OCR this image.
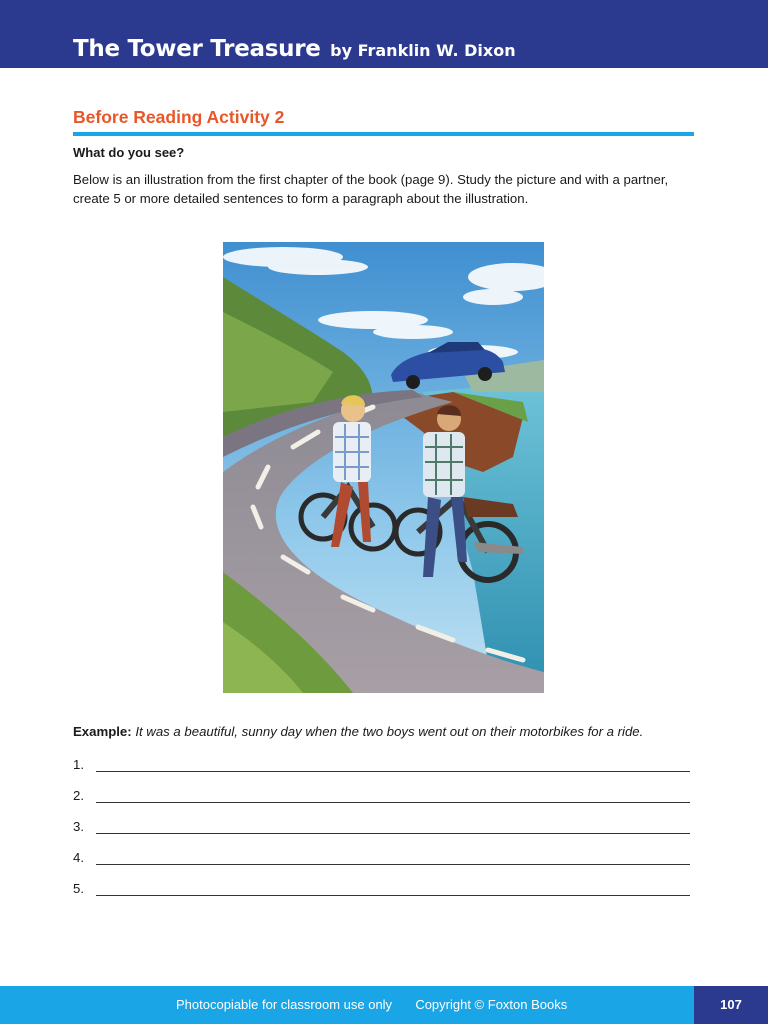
The Tower Treasure by Franklin W. Dixon
Before Reading Activity 2
What do you see?
Below is an illustration from the first chapter of the book (page 9). Study the picture and with a partner, create 5 or more detailed sentences to form a paragraph about the illustration.
Example: It was a beautiful, sunny day when the two boys went out on their motorbikes for a ride.
1.
2.
3.
4.
5.
Photocopiable for classroom use only Copyright © Foxton Books	107
